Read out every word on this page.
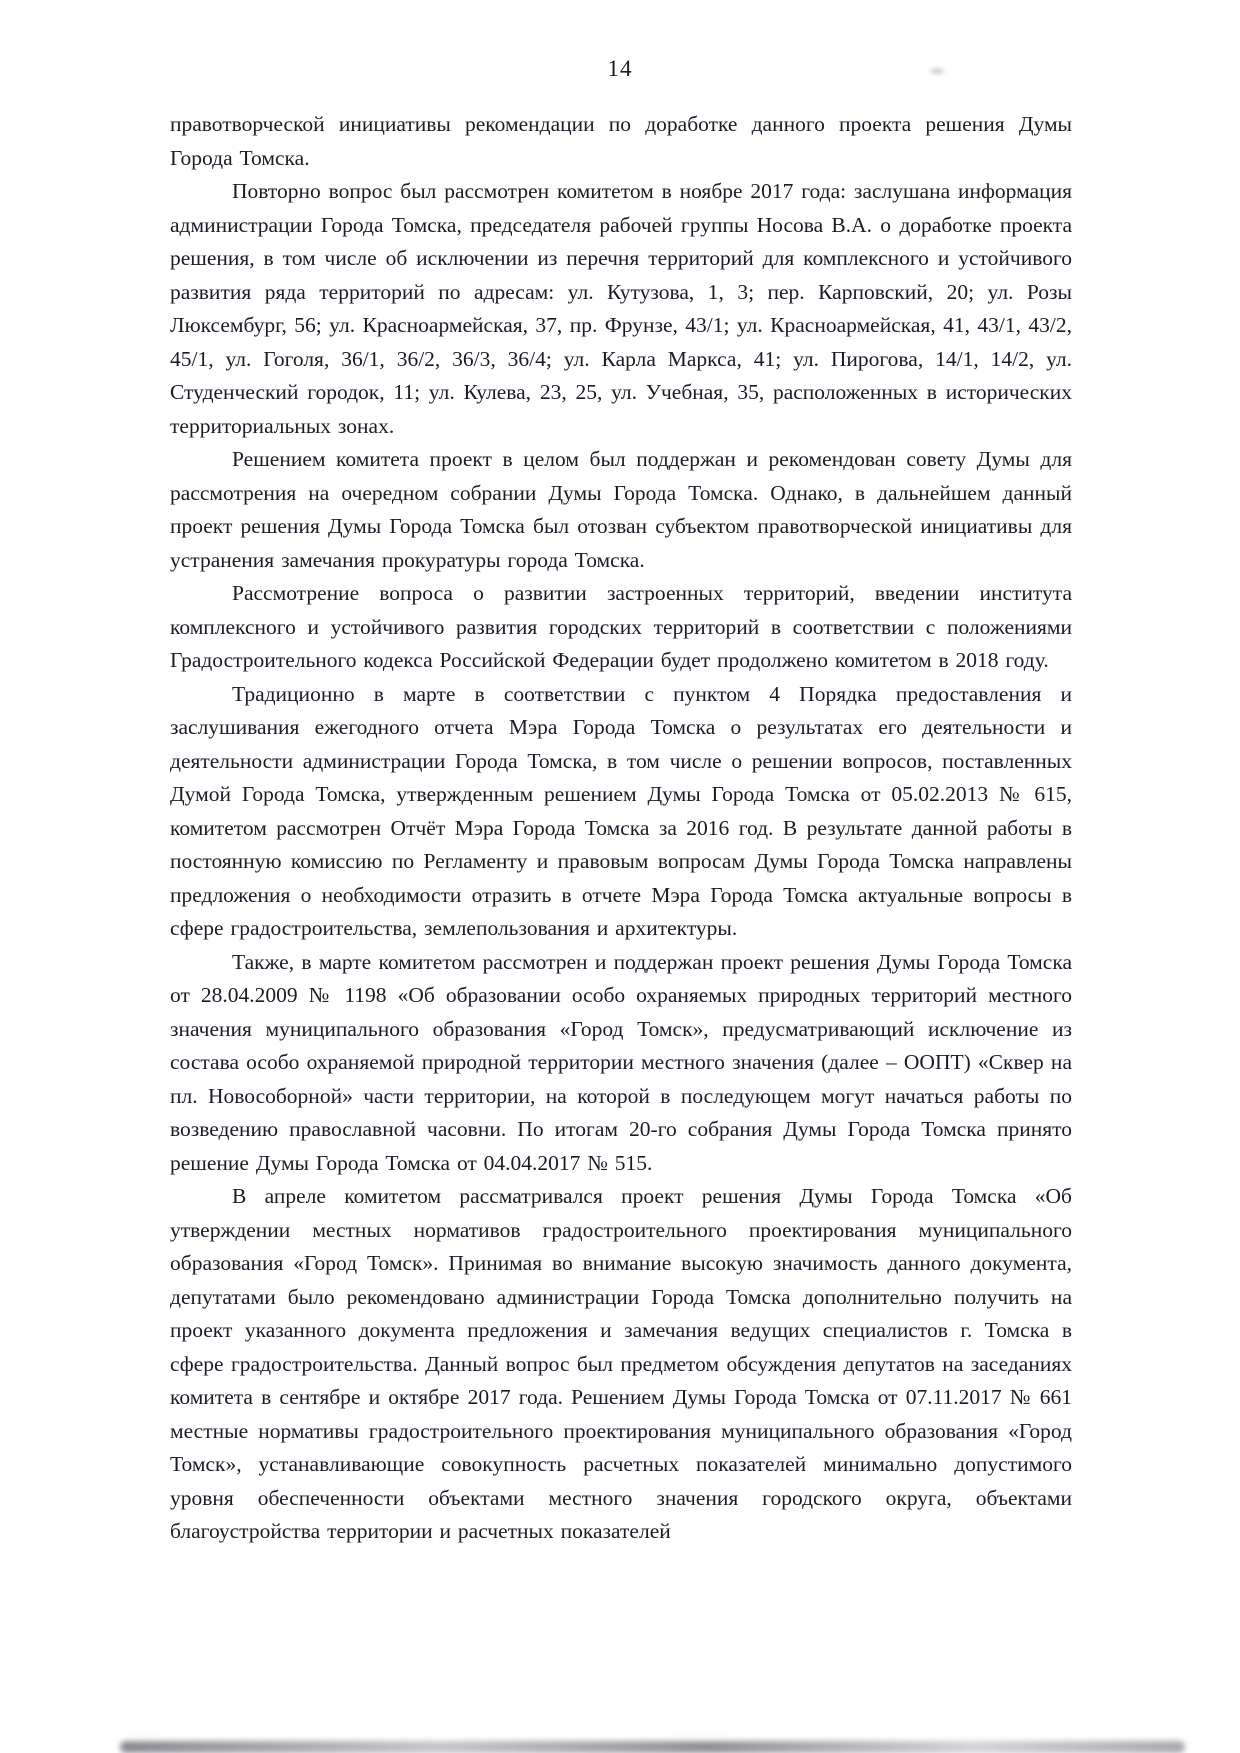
14

правотворческой инициативы рекомендации по доработке данного проекта решения Думы Города Томска.

Повторно вопрос был рассмотрен комитетом в ноябре 2017 года: заслушана информация администрации Города Томска, председателя рабочей группы Носова В.А. о доработке проекта решения, в том числе об исключении из перечня территорий для комплексного и устойчивого развития ряда территорий по адресам: ул. Кутузова, 1, 3; пер. Карповский, 20; ул. Розы Люксембург, 56; ул. Красноармейская, 37, пр. Фрунзе, 43/1; ул. Красноармейская, 41, 43/1, 43/2, 45/1, ул. Гоголя, 36/1, 36/2, 36/3, 36/4; ул. Карла Маркса, 41; ул. Пирогова, 14/1, 14/2, ул. Студенческий городок, 11; ул. Кулева, 23, 25, ул. Учебная, 35, расположенных в исторических территориальных зонах.

Решением комитета проект в целом был поддержан и рекомендован совету Думы для рассмотрения на очередном собрании Думы Города Томска. Однако, в дальнейшем данный проект решения Думы Города Томска был отозван субъектом правотворческой инициативы для устранения замечания прокуратуры города Томска.

Рассмотрение вопроса о развитии застроенных территорий, введении института комплексного и устойчивого развития городских территорий в соответствии с положениями Градостроительного кодекса Российской Федерации будет продолжено комитетом в 2018 году.

Традиционно в марте в соответствии с пунктом 4 Порядка предоставления и заслушивания ежегодного отчета Мэра Города Томска о результатах его деятельности и деятельности администрации Города Томска, в том числе о решении вопросов, поставленных Думой Города Томска, утвержденным решением Думы Города Томска от 05.02.2013 № 615, комитетом рассмотрен Отчёт Мэра Города Томска за 2016 год. В результате данной работы в постоянную комиссию по Регламенту и правовым вопросам Думы Города Томска направлены предложения о необходимости отразить в отчете Мэра Города Томска актуальные вопросы в сфере градостроительства, землепользования и архитектуры.

Также, в марте комитетом рассмотрен и поддержан проект решения Думы Города Томска от 28.04.2009 № 1198 «Об образовании особо охраняемых природных территорий местного значения муниципального образования «Город Томск», предусматривающий исключение из состава особо охраняемой природной территории местного значения (далее – ООПТ) «Сквер на пл. Новособорной» части территории, на которой в последующем могут начаться работы по возведению православной часовни. По итогам 20-го собрания Думы Города Томска принято решение Думы Города Томска от 04.04.2017 № 515.

В апреле комитетом рассматривался проект решения Думы Города Томска «Об утверждении местных нормативов градостроительного проектирования муниципального образования «Город Томск». Принимая во внимание высокую значимость данного документа, депутатами было рекомендовано администрации Города Томска дополнительно получить на проект указанного документа предложения и замечания ведущих специалистов г. Томска в сфере градостроительства. Данный вопрос был предметом обсуждения депутатов на заседаниях комитета в сентябре и октябре 2017 года. Решением Думы Города Томска от 07.11.2017 № 661 местные нормативы градостроительного проектирования муниципального образования «Город Томск», устанавливающие совокупность расчетных показателей минимально допустимого уровня обеспеченности объектами местного значения городского округа, объектами благоустройства территории и расчетных показателей
